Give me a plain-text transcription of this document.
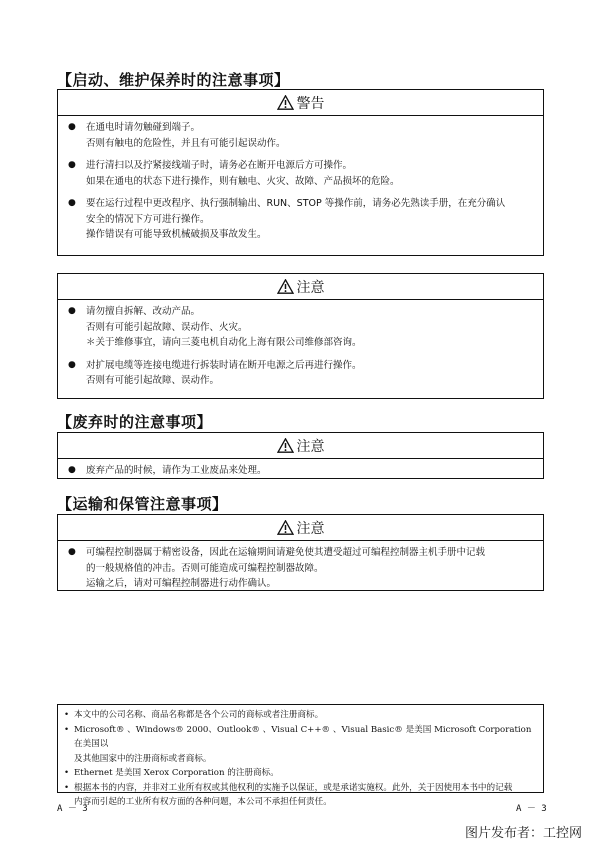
【启动、维护保养时的注意事项】
警告
●	在通电时请勿触碰到端子。
否则有触电的危险性，并且有可能引起误动作。
●	进行清扫以及拧紧接线端子时，请务必在断开电源后方可操作。
如果在通电的状态下进行操作，则有触电、火灾、故障、产品损坏的危险。
●	要在运行过程中更改程序、执行强制输出、RUN、STOP 等操作前，请务必先熟读手册，在充分确认
安全的情况下方可进行操作。
操作错误有可能导致机械破损及事故发生。
注意
●	请勿擅自拆解、改动产品。
否则有可能引起故障、误动作、火灾。
＊关于维修事宜，请向三菱电机自动化上海有限公司维修部咨询。
●	对扩展电缆等连接电缆进行拆装时请在断开电源之后再进行操作。
否则有可能引起故障、误动作。
【废弃时的注意事项】
注意
●	废弃产品的时候，请作为工业废品来处理。
【运输和保管注意事项】
注意
●	可编程控制器属于精密设备，因此在运输期间请避免使其遭受超过可编程控制器主机手册中记载
的一般规格值的冲击。否则可能造成可编程控制器故障。
运输之后，请对可编程控制器进行动作确认。
• 本文中的公司名称、商品名称都是各个公司的商标或者注册商标。
• Microsoft® 、Windows® 2000、Outlook® 、Visual C++® 、Visual Basic® 是美国 Microsoft Corporation 在美国以
及其他国家中的注册商标或者商标。
• Ethernet 是美国 Xerox Corporation 的注册商标。
• 根据本书的内容，并非对工业所有权或其他权利的实施予以保证，或是承诺实施权。此外，关于因使用本书中的记载
内容而引起的工业所有权方面的各种问题，本公司不承担任何责任。
A － 3	A － 3
图片发布者：工控网
